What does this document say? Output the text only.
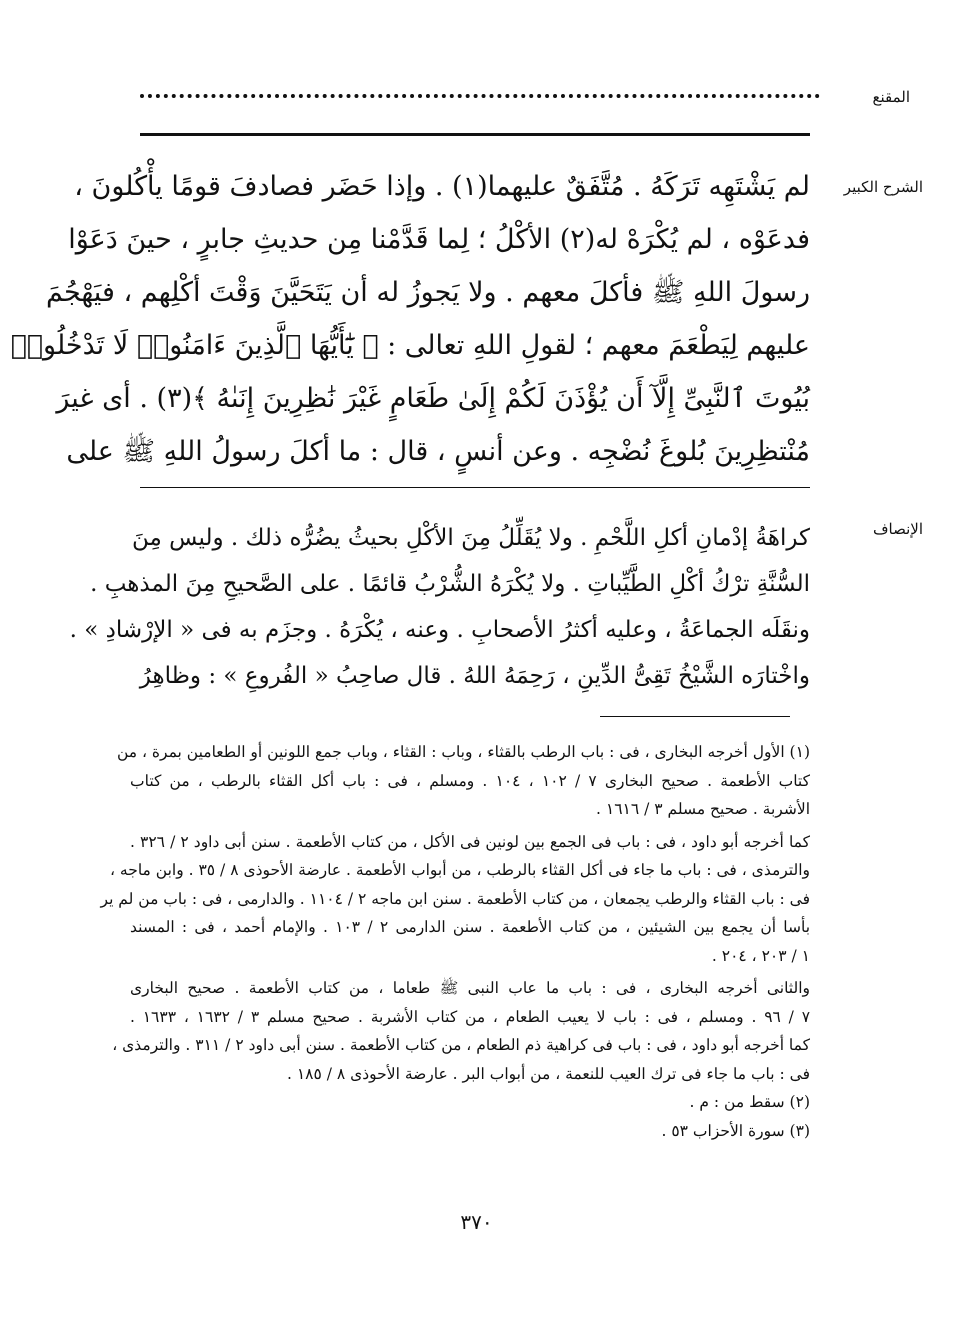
المقنع
الشرح الكبير
لم يَشْتَهِه تَرَكَهُ . مُتَّفَقٌ عليهما(١) . وإذا حَضَر فصادفَ قومًا يأْكُلونَ ،
فدعَوْه ، لم يُكْرَهْ له(٢) الأكْلُ ؛ لِما قَدَّمْنا مِن حديثِ جابرٍ ، حينَ دَعَوْا
رسولَ اللهِ ﷺ فأكلَ معهم . ولا يَجوزُ له أن يَتَحَيَّنَ وَقْتَ أكْلِهم ، فيَهْجُمَ
عليهم لِيَطْعَمَ معهم ؛ لقولِ اللهِ تعالى : ﴿ يَٰٓأَيُّهَا ٱلَّذِينَ ءَامَنُوا۟ لَا تَدْخُلُوا۟
بُيُوتَ ٱلنَّبِىِّ إِلَّآ أَن يُؤْذَنَ لَكُمْ إِلَىٰ طَعَامٍ غَيْرَ نَٰظِرِينَ إِنَىٰهُ ﴾(٣) . أى غيرَ
مُنْتظِرِينَ بُلوغَ نُضْجِه . وعن أنسٍ ، قال : ما أكلَ رسولُ اللهِ ﷺ على
الإنصاف
كراهَةُ إدْمانِ أكلِ اللَّحْمِ . ولا يُقَلِّلُ مِنَ الأكْلِ بحيثُ يضُرُّه ذلك . وليس مِنَ
السُّنَّةِ ترْكُ أكْلِ الطَّيِّباتِ . ولا يُكْرَهُ الشُّرْبُ قائمًا . على الصَّحيحِ مِنَ المذهبِ .
ونقَلَه الجماعَةُ ، وعليه أكثرُ الأصحابِ . وعنه ، يُكْرَهُ . وجزَم به فى « الإرْشادِ » .
واخْتارَه الشَّيْخُ تَقِىُّ الدِّينِ ، رَحِمَهُ اللهُ . قال صاحِبُ « الفُروعِ » : وظاهِرُ
(١) الأول أخرجه البخارى ، فى : باب الرطب بالقثاء ، وباب : القثاء ، وباب جمع اللونين أو الطعامين بمرة ، من
كتاب الأطعمة . صحيح البخارى ٧ / ١٠٢ ، ١٠٤ . ومسلم ، فى : باب أكل القثاء بالرطب ، من كتاب
الأشربة . صحيح مسلم ٣ / ١٦١٦ .
كما أخرجه أبو داود ، فى : باب فى الجمع بين لونين فى الأكل ، من كتاب الأطعمة . سنن أبى داود ٢ / ٣٢٦ .
والترمذى ، فى : باب ما جاء فى أكل القثاء بالرطب ، من أبواب الأطعمة . عارضة الأحوذى ٨ / ٣٥ . وابن ماجه ،
فى : باب القثاء والرطب يجمعان ، من كتاب الأطعمة . سنن ابن ماجه ٢ / ١١٠٤ . والدارمى ، فى : باب من لم ير
بأسا أن يجمع بين الشيئين ، من كتاب الأطعمة . سنن الدارمى ٢ / ١٠٣ . والإمام أحمد ، فى : المسند
١ / ٢٠٣ ، ٢٠٤ .
والثانى أخرجه البخارى ، فى : باب ما عاب النبى ﷺ طعاما ، من كتاب الأطعمة . صحيح البخارى
٧ / ٩٦ . ومسلم ، فى : باب لا يعيب الطعام ، من كتاب الأشربة . صحيح مسلم ٣ / ١٦٣٢ ، ١٦٣٣ .
كما أخرجه أبو داود ، فى : باب فى كراهية ذم الطعام ، من كتاب الأطعمة . سنن أبى داود ٢ / ٣١١ . والترمذى ،
فى : باب ما جاء فى ترك العيب للنعمة ، من أبواب البر . عارضة الأحوذى ٨ / ١٨٥ .
(٢) سقط من : م .
(٣) سورة الأحزاب ٥٣ .
٣٧٠
